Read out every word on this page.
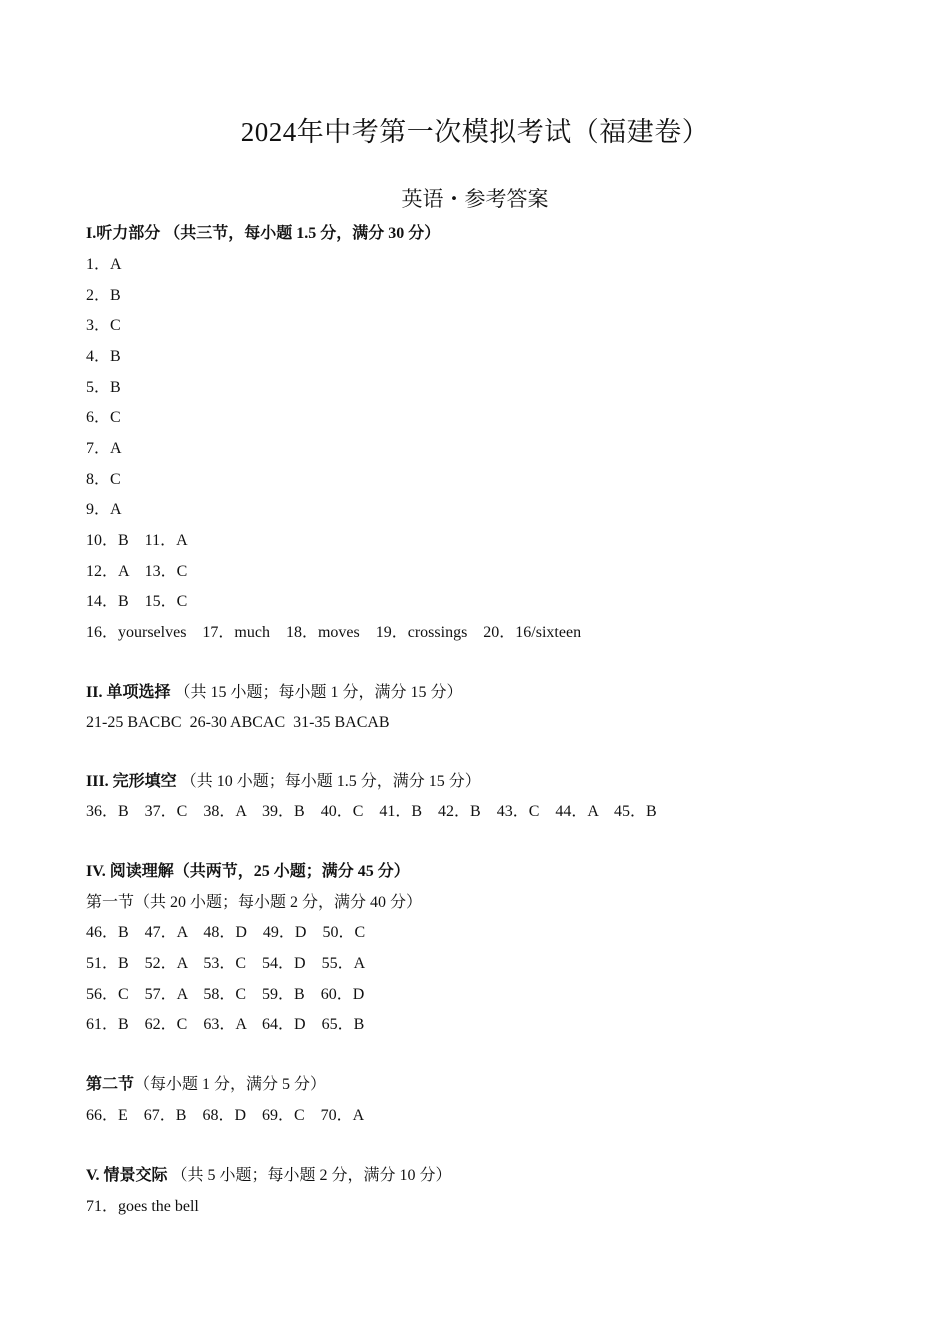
2024年中考第一次模拟考试（福建卷）
英语・参考答案
I.听力部分 （共三节，每小题 1.5 分，满分 30 分）
1．A
2．B
3．C
4．B
5．B
6．C
7．A
8．C
9．A
10．B    11．A
12．A    13．C
14．B    15．C
16．yourselves    17．much    18．moves    19．crossings    20．16/sixteen
II. 单项选择 （共 15 小题；每小题 1 分，满分 15 分）
21-25 BACBC  26-30 ABCAC  31-35 BACAB
III. 完形填空 （共 10 小题；每小题 1.5 分，满分 15 分）
36．B    37．C    38．A    39．B    40．C    41．B    42．B    43．C    44．A    45．B
IV. 阅读理解（共两节，25 小题；满分 45 分）
第一节（共 20 小题；每小题 2 分，满分 40 分）
46．B    47．A    48．D    49．D    50．C
51．B    52．A    53．C    54．D    55．A
56．C    57．A    58．C    59．B    60．D
61．B    62．C    63．A    64．D    65．B
第二节（每小题 1 分，满分 5 分）
66．E    67．B    68．D    69．C    70．A
V. 情景交际 （共 5 小题；每小题 2 分，满分 10 分）
71．goes the bell
